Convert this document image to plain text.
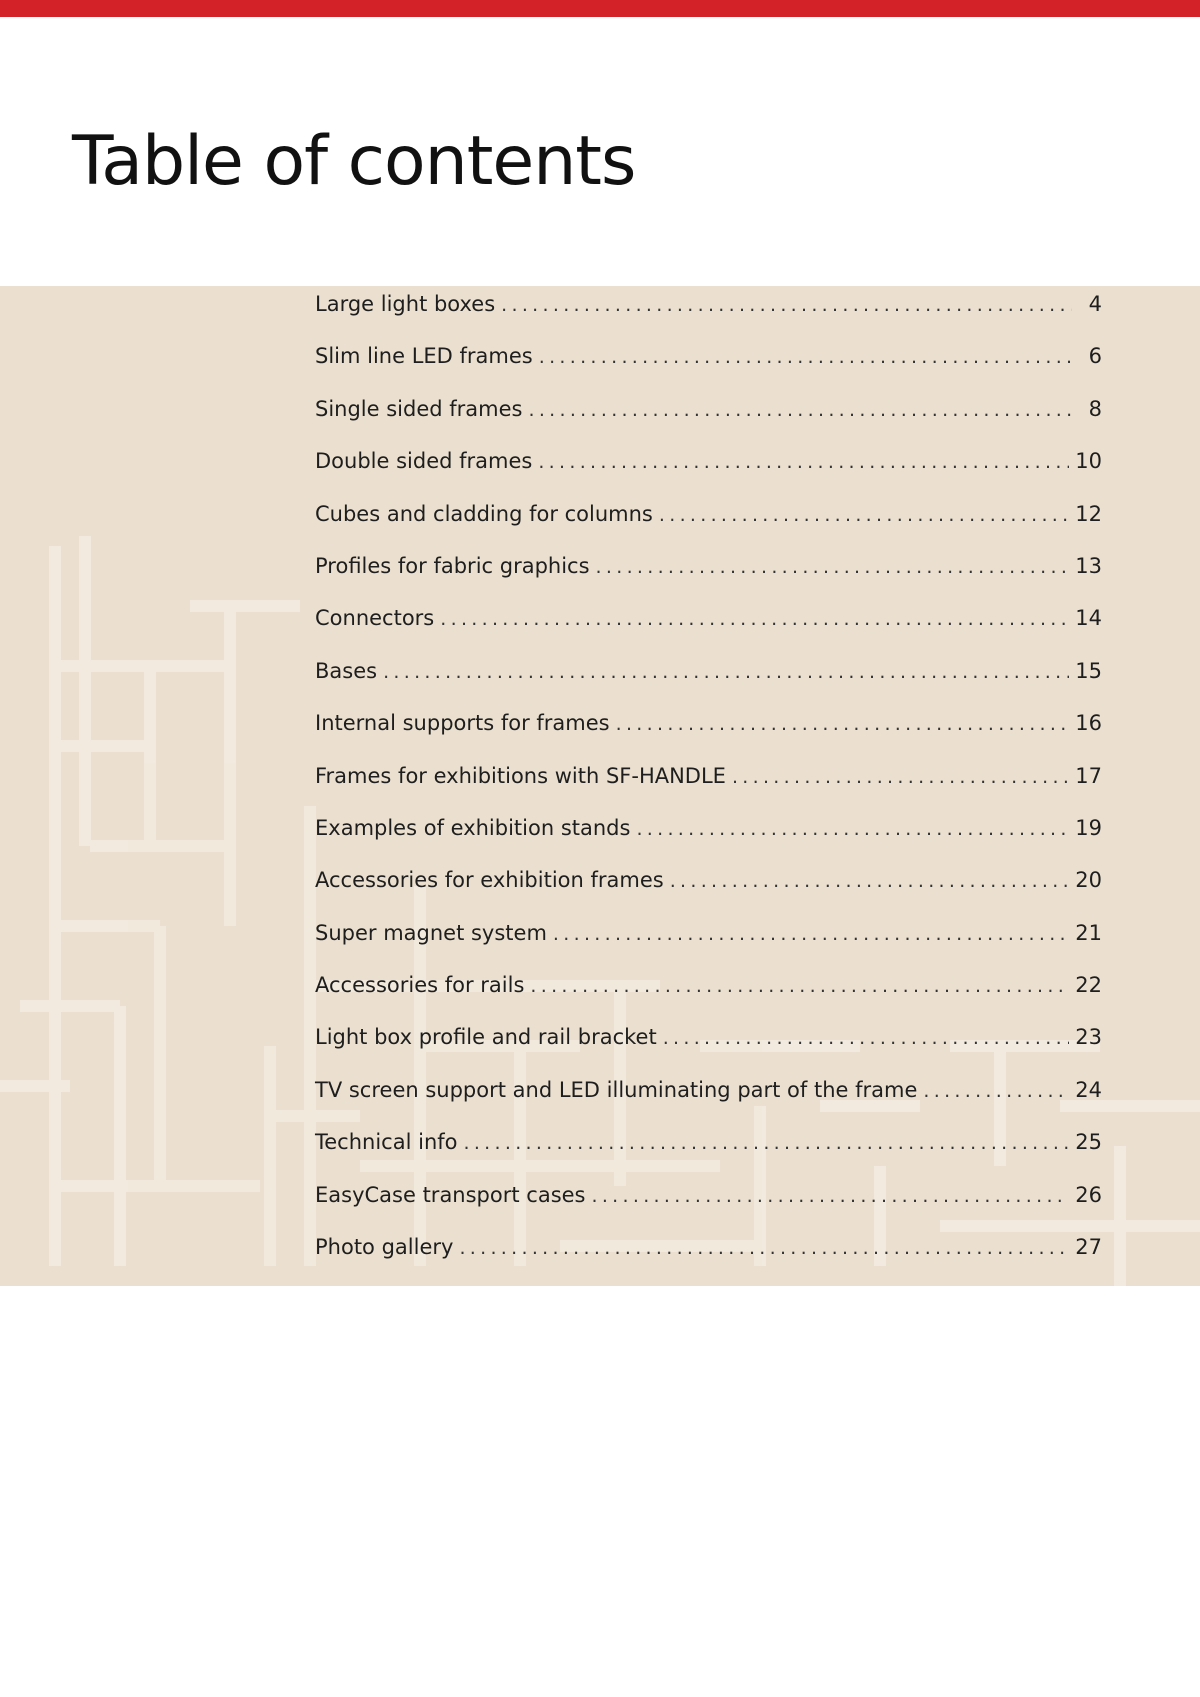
Table of contents
Large light boxes .....	4
Slim line LED frames .....	6
Single sided frames .....	8
Double sided frames .....	10
Cubes and cladding for columns .....	12
Profiles for fabric graphics .....	13
Connectors .....	14
Bases .....	15
Internal supports for frames .....	16
Frames for exhibitions with SF-HANDLE .....	17
Examples of exhibition stands .....	19
Accessories for exhibition frames .....	20
Super magnet system .....	21
Accessories for rails .....	22
Light box profile and rail bracket .....	23
TV screen support and LED illuminating part of the frame .....	24
Technical info .....	25
EasyCase transport cases .....	26
Photo gallery .....	27
